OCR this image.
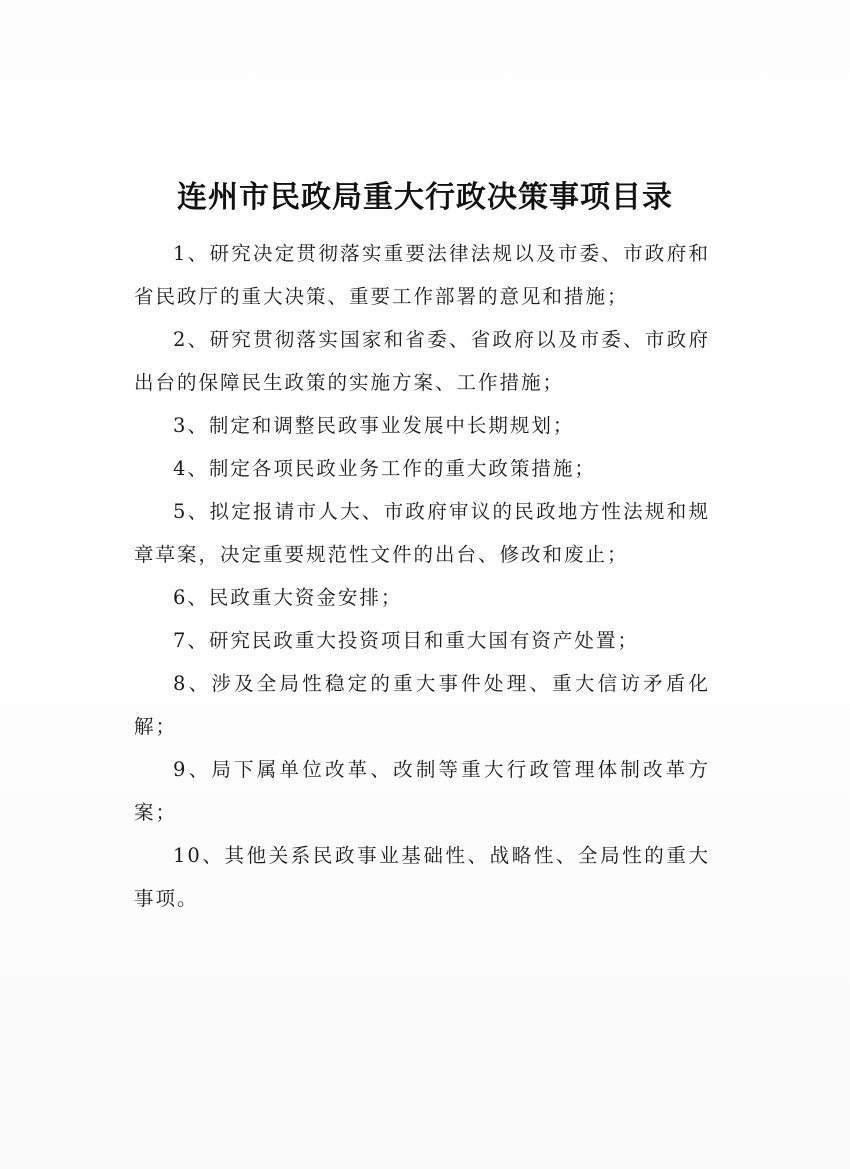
连州市民政局重大行政决策事项目录

1、研究决定贯彻落实重要法律法规以及市委、市政府和省民政厅的重大决策、重要工作部署的意见和措施；

2、研究贯彻落实国家和省委、省政府以及市委、市政府出台的保障民生政策的实施方案、工作措施；

3、制定和调整民政事业发展中长期规划；

4、制定各项民政业务工作的重大政策措施；

5、拟定报请市人大、市政府审议的民政地方性法规和规章草案，决定重要规范性文件的出台、修改和废止；

6、民政重大资金安排；

7、研究民政重大投资项目和重大国有资产处置；

8、涉及全局性稳定的重大事件处理、重大信访矛盾化解；

9、局下属单位改革、改制等重大行政管理体制改革方案；

10、其他关系民政事业基础性、战略性、全局性的重大事项。
